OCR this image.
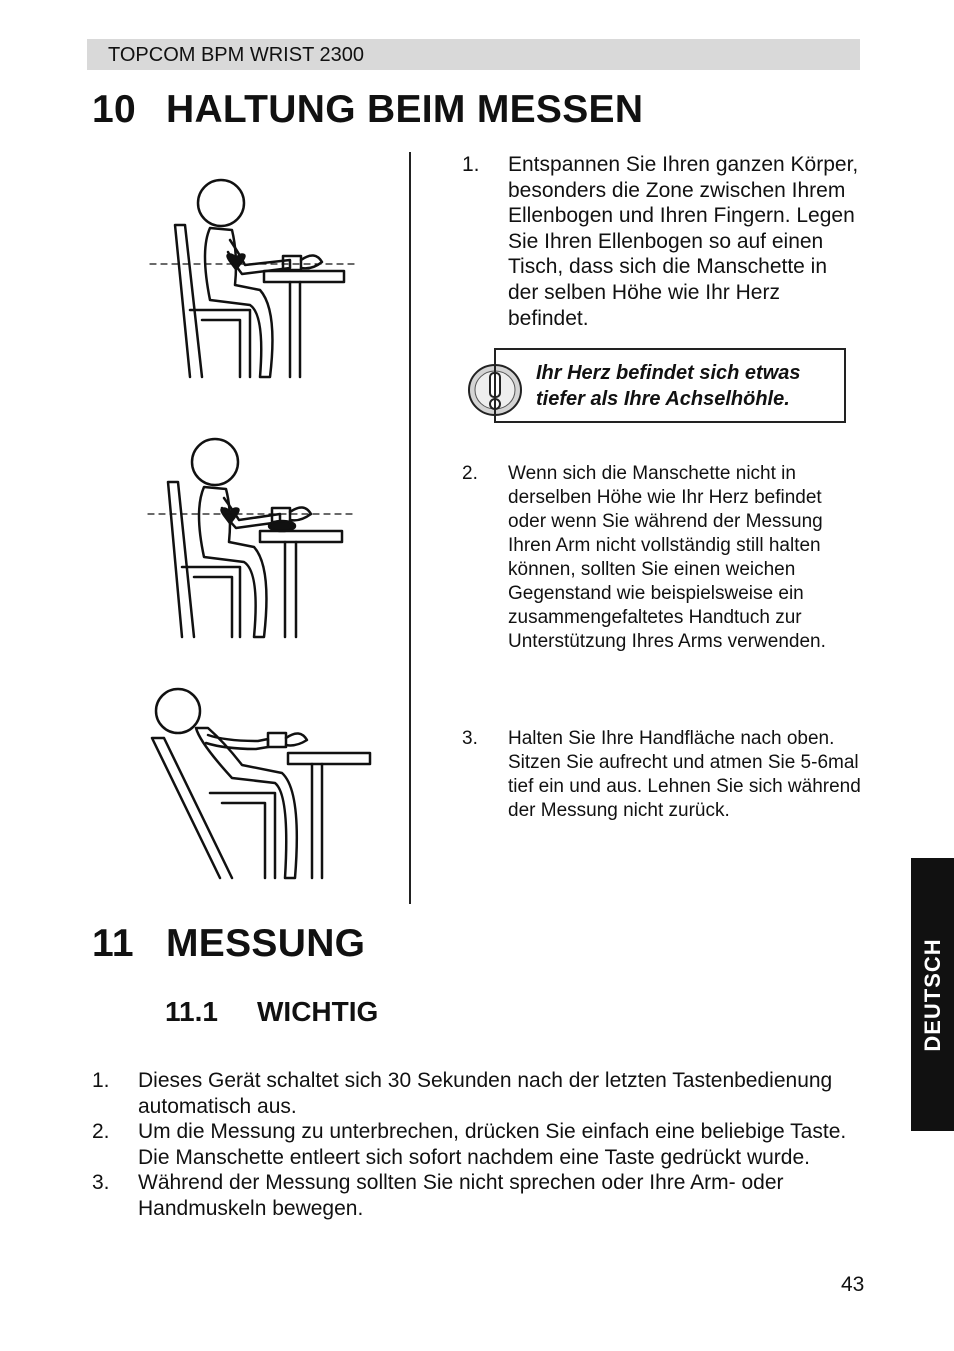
TOPCOM BPM WRIST 2300
10 HALTUNG BEIM MESSEN
1. Entspannen Sie Ihren ganzen Körper, besonders die Zone zwischen Ihrem Ellenbogen und Ihren Fingern. Legen Sie Ihren Ellenbogen so auf einen Tisch, dass sich die Manschette in der selben Höhe wie Ihr Herz befindet.
Ihr Herz befindet sich etwas tiefer als Ihre Achselhöhle.
2. Wenn sich die Manschette nicht in derselben Höhe wie Ihr Herz befindet oder wenn Sie während der Messung Ihren Arm nicht vollständig still halten können, sollten Sie einen weichen Gegenstand wie beispielsweise ein zusammengefaltetes Handtuch zur Unterstützung Ihres Arms verwenden.
3. Halten Sie Ihre Handfläche nach oben. Sitzen Sie aufrecht und atmen Sie 5-6mal tief ein und aus. Lehnen Sie sich während der Messung nicht zurück.
11 MESSUNG
11.1 WICHTIG
1. Dieses Gerät schaltet sich 30 Sekunden nach der letzten Tastenbedienung automatisch aus.
2. Um die Messung zu unterbrechen, drücken Sie einfach eine beliebige Taste. Die Manschette entleert sich sofort nachdem eine Taste gedrückt wurde.
3. Während der Messung sollten Sie nicht sprechen oder Ihre Arm- oder Handmuskeln bewegen.
43
DEUTSCH
